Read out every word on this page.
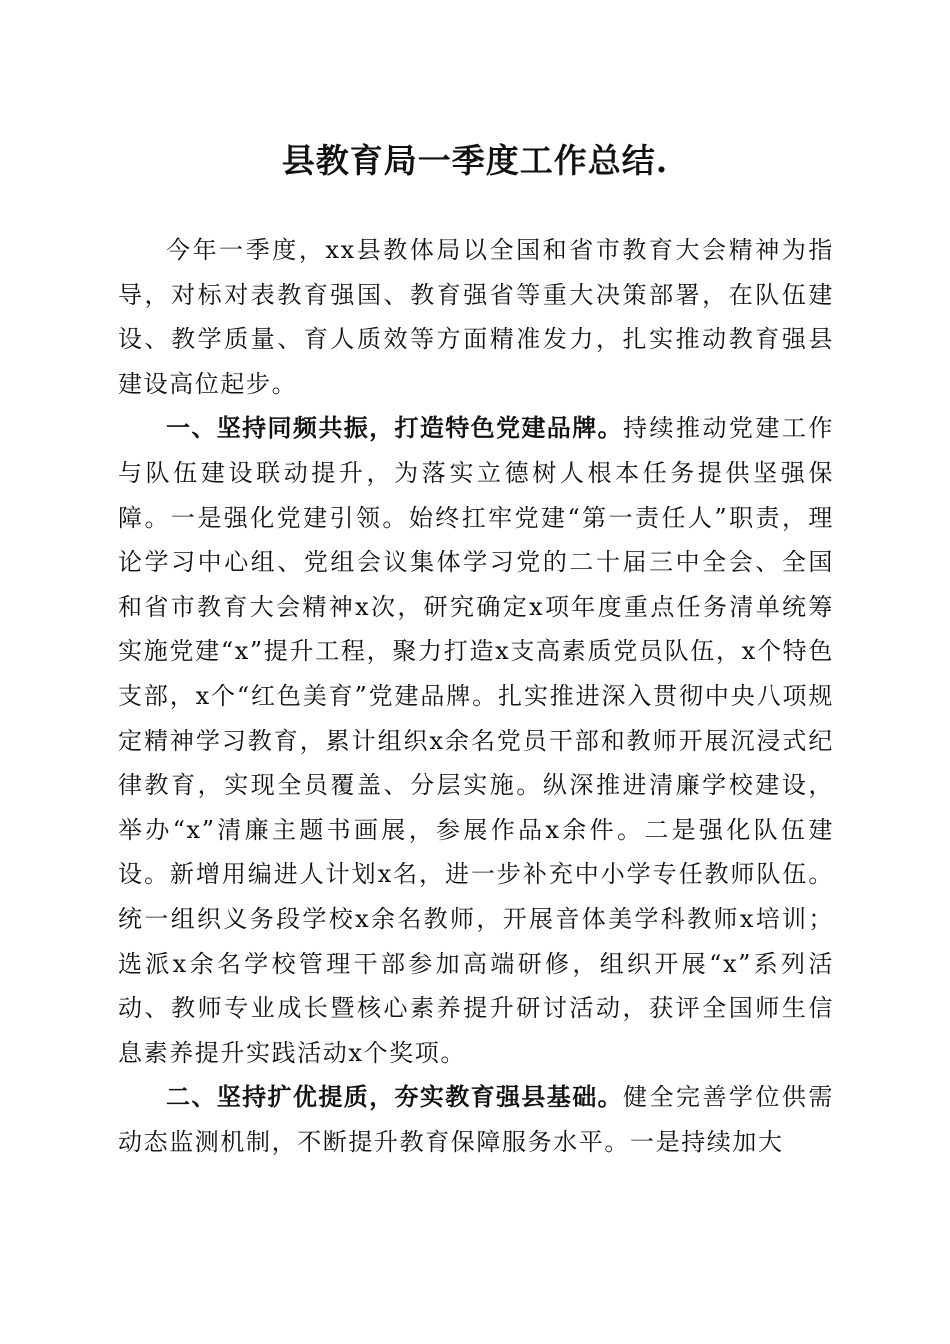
县教育局一季度工作总结.

今年一季度，xx县教体局以全国和省市教育大会精神为指导，对标对表教育强国、教育强省等重大决策部署，在队伍建设、教学质量、育人质效等方面精准发力，扎实推动教育强县建设高位起步。

一、坚持同频共振，打造特色党建品牌。持续推动党建工作与队伍建设联动提升，为落实立德树人根本任务提供坚强保障。一是强化党建引领。始终扛牢党建“第一责任人”职责，理论学习中心组、党组会议集体学习党的二十届三中全会、全国和省市教育大会精神x次，研究确定x项年度重点任务清单统筹实施党建“x”提升工程，聚力打造x支高素质党员队伍，x个特色支部，x个“红色美育”党建品牌。扎实推进深入贯彻中央八项规定精神学习教育，累计组织x余名党员干部和教师开展沉浸式纪律教育，实现全员覆盖、分层实施。纵深推进清廉学校建设，举办“x”清廉主题书画展，参展作品x余件。二是强化队伍建设。新增用编进人计划x名，进一步补充中小学专任教师队伍。统一组织义务段学校x余名教师，开展音体美学科教师x培训；选派x余名学校管理干部参加高端研修，组织开展“x”系列活动、教师专业成长暨核心素养提升研讨活动，获评全国师生信息素养提升实践活动x个奖项。

二、坚持扩优提质，夯实教育强县基础。健全完善学位供需动态监测机制，不断提升教育保障服务水平。一是持续加大
